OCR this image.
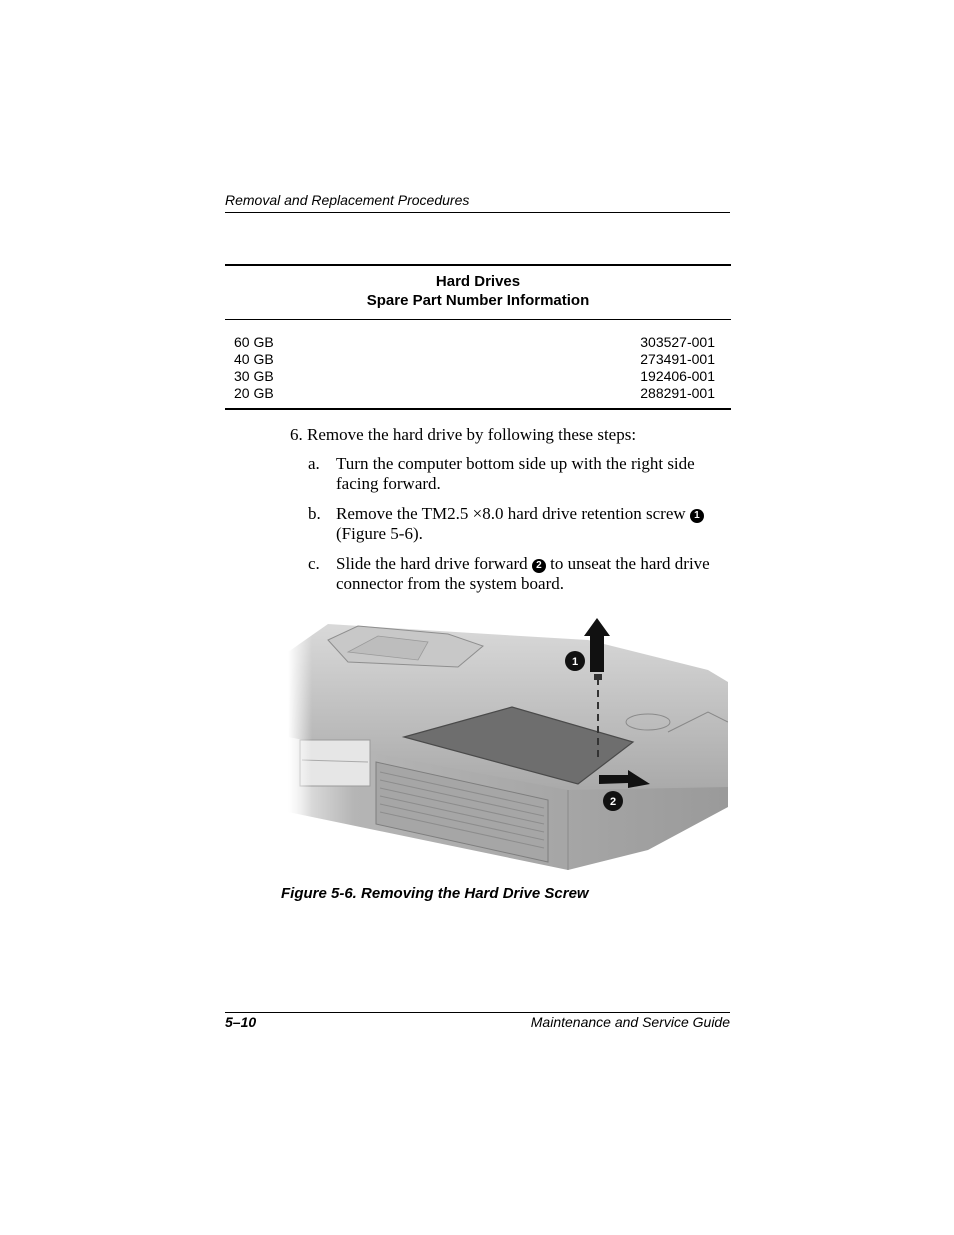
Removal and Replacement Procedures
Hard Drives
Spare Part Number Information
60 GB	303527-001
40 GB	273491-001
30 GB	192406-001
20 GB	288291-001
6. Remove the hard drive by following these steps:
a. Turn the computer bottom side up with the right side
facing forward.
b. Remove the TM2.5 ×8.0 hard drive retention screw 1
(Figure 5-6).
c. Slide the hard drive forward 2 to unseat the hard drive
connector from the system board.
1
2
Figure 5-6. Removing the Hard Drive Screw
5–10	Maintenance and Service Guide
